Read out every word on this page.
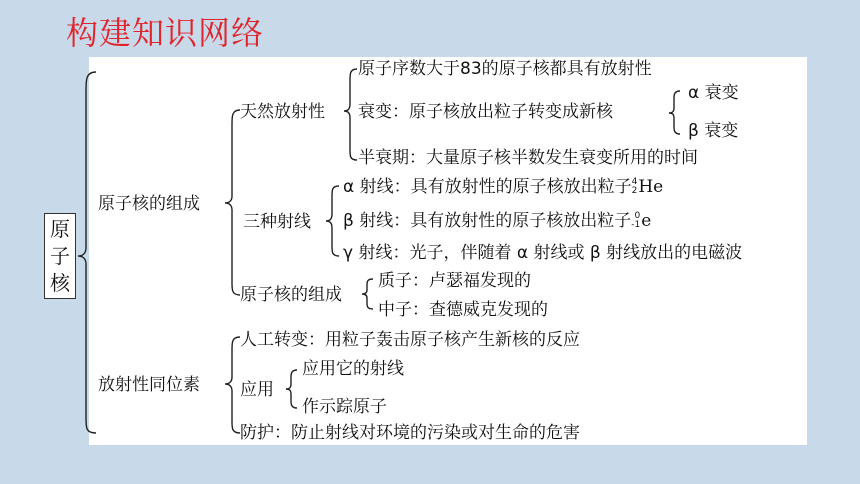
构建知识网络
原
子
核
原子核的组成
放射性同位素
天然放射性
三种射线
原子核的组成
原子序数大于83的原子核都具有放射性
衰变：原子核放出粒子转变成新核
α 衰变
β 衰变
半衰期：大量原子核半数发生衰变所用的时间
α 射线：具有放射性的原子核放出粒子 4
2 He
β 射线：具有放射性的原子核放出粒子 0
-1 e
γ 射线：光子，伴随着 α 射线或 β 射线放出的电磁波
质子：卢瑟福发现的
中子：查德威克发现的
人工转变：用粒子轰击原子核产生新核的反应
应用
应用它的射线
作示踪原子
防护：防止射线对环境的污染或对生命的危害
